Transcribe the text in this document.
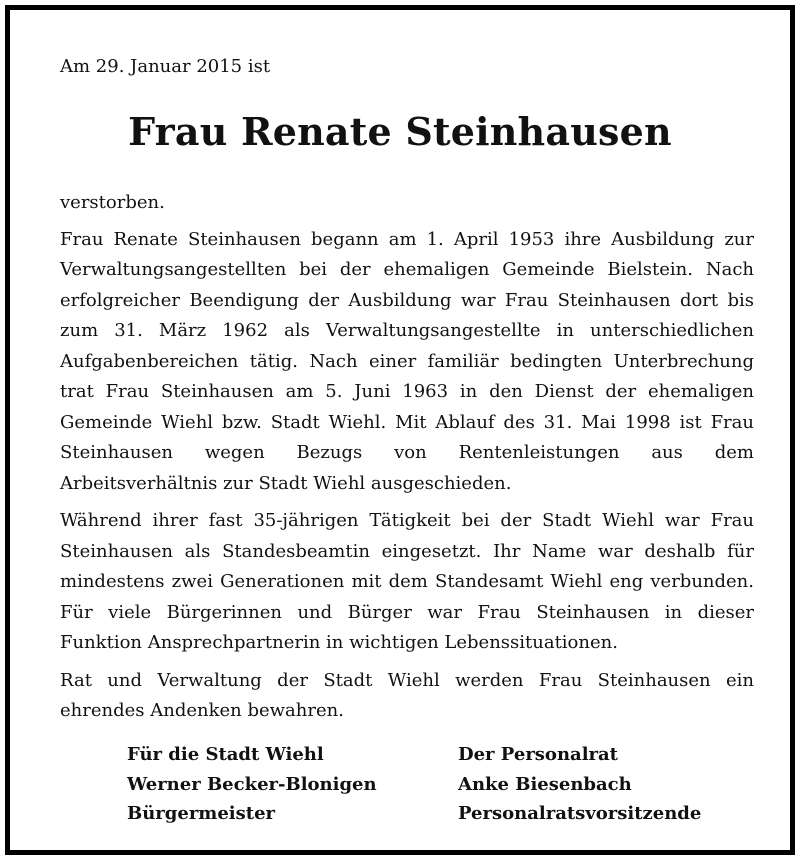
Am 29. Januar 2015 ist
Frau Renate Steinhausen

verstorben.

Frau Renate Steinhausen begann am 1. April 1953 ihre Ausbildung zur Verwaltungsangestellten bei der ehemaligen Gemeinde Bielstein. Nach erfolgreicher Beendigung der Ausbildung war Frau Steinhausen dort bis zum 31. März 1962 als Verwaltungsangestellte in unterschiedlichen Aufgabenbereichen tätig. Nach einer familiär bedingten Unterbrechung trat Frau Steinhausen am 5. Juni 1963 in den Dienst der ehemaligen Gemeinde Wiehl bzw. Stadt Wiehl. Mit Ablauf des 31. Mai 1998 ist Frau Steinhausen wegen Bezugs von Rentenleistungen aus dem Arbeitsverhältnis zur Stadt Wiehl ausgeschieden.

Während ihrer fast 35-jährigen Tätigkeit bei der Stadt Wiehl war Frau Steinhausen als Standesbeamtin eingesetzt. Ihr Name war deshalb für mindestens zwei Generationen mit dem Standesamt Wiehl eng verbunden. Für viele Bürgerinnen und Bürger war Frau Steinhausen in dieser Funktion Ansprechpartnerin in wichtigen Lebenssituationen.

Rat und Verwaltung der Stadt Wiehl werden Frau Steinhausen ein ehrendes Andenken bewahren.

Für die Stadt Wiehl
Werner Becker-Blonigen
Bürgermeister
Der Personalrat
Anke Biesenbach
Personalratsvorsitzende
